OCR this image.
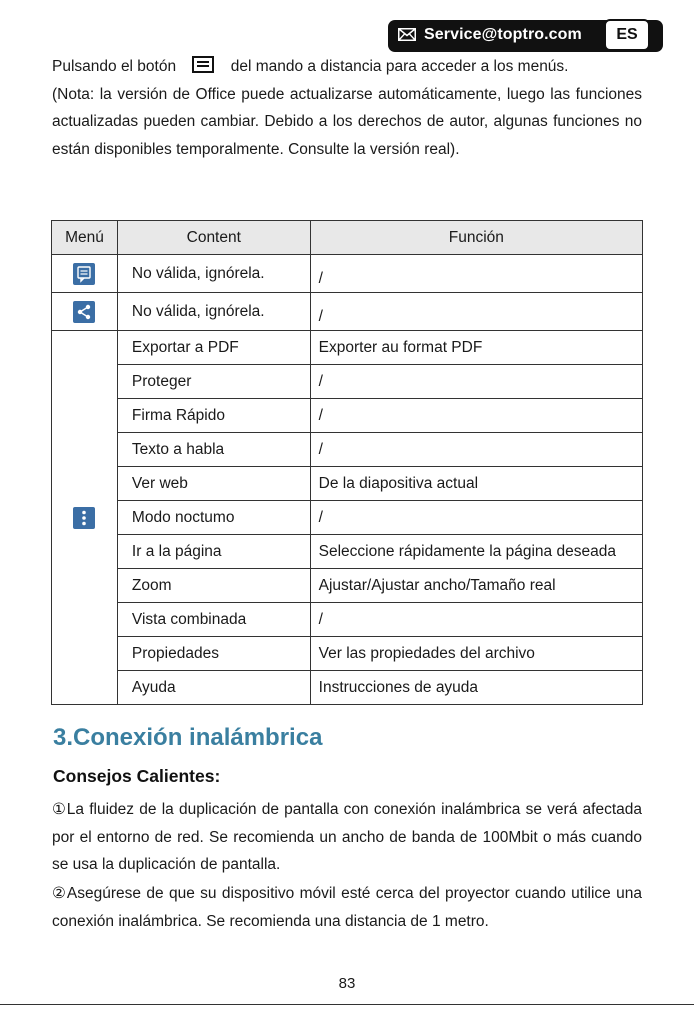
Service@toptro.com	ES
Pulsando el botón	del mando a distancia para acceder a los menús.
(Nota: la versión de Office puede actualizarse automáticamente, luego las funciones actualizadas pueden cambiar. Debido a los derechos de autor, algunas funciones no están disponibles temporalmente. Consulte la versión real).
Menú	Content	Función

	No válida, ignórela.	/

	No válida, ignórela.	/

	Exportar a PDF	Exporter au format PDF
	Proteger	/
	Firma Rápido	/
	Texto a habla	/
	Ver web	De la diapositiva actual
	Modo noctumo	/
	Ir a la página	Seleccione rápidamente la página deseada
	Zoom	Ajustar/Ajustar ancho/Tamaño real
	Vista combinada	/
	Propiedades	Ver las propiedades del archivo
	Ayuda	Instrucciones de ayuda
3.Conexión inalámbrica
Consejos Calientes:
①La fluidez de la duplicación de pantalla con conexión inalámbrica se verá afectada por el entorno de red. Se recomienda un ancho de banda de 100Mbit o más cuando se usa la duplicación de pantalla.
②Asegúrese de que su dispositivo móvil esté cerca del proyector cuando utilice una conexión inalámbrica. Se recomienda una distancia de 1 metro.
83
